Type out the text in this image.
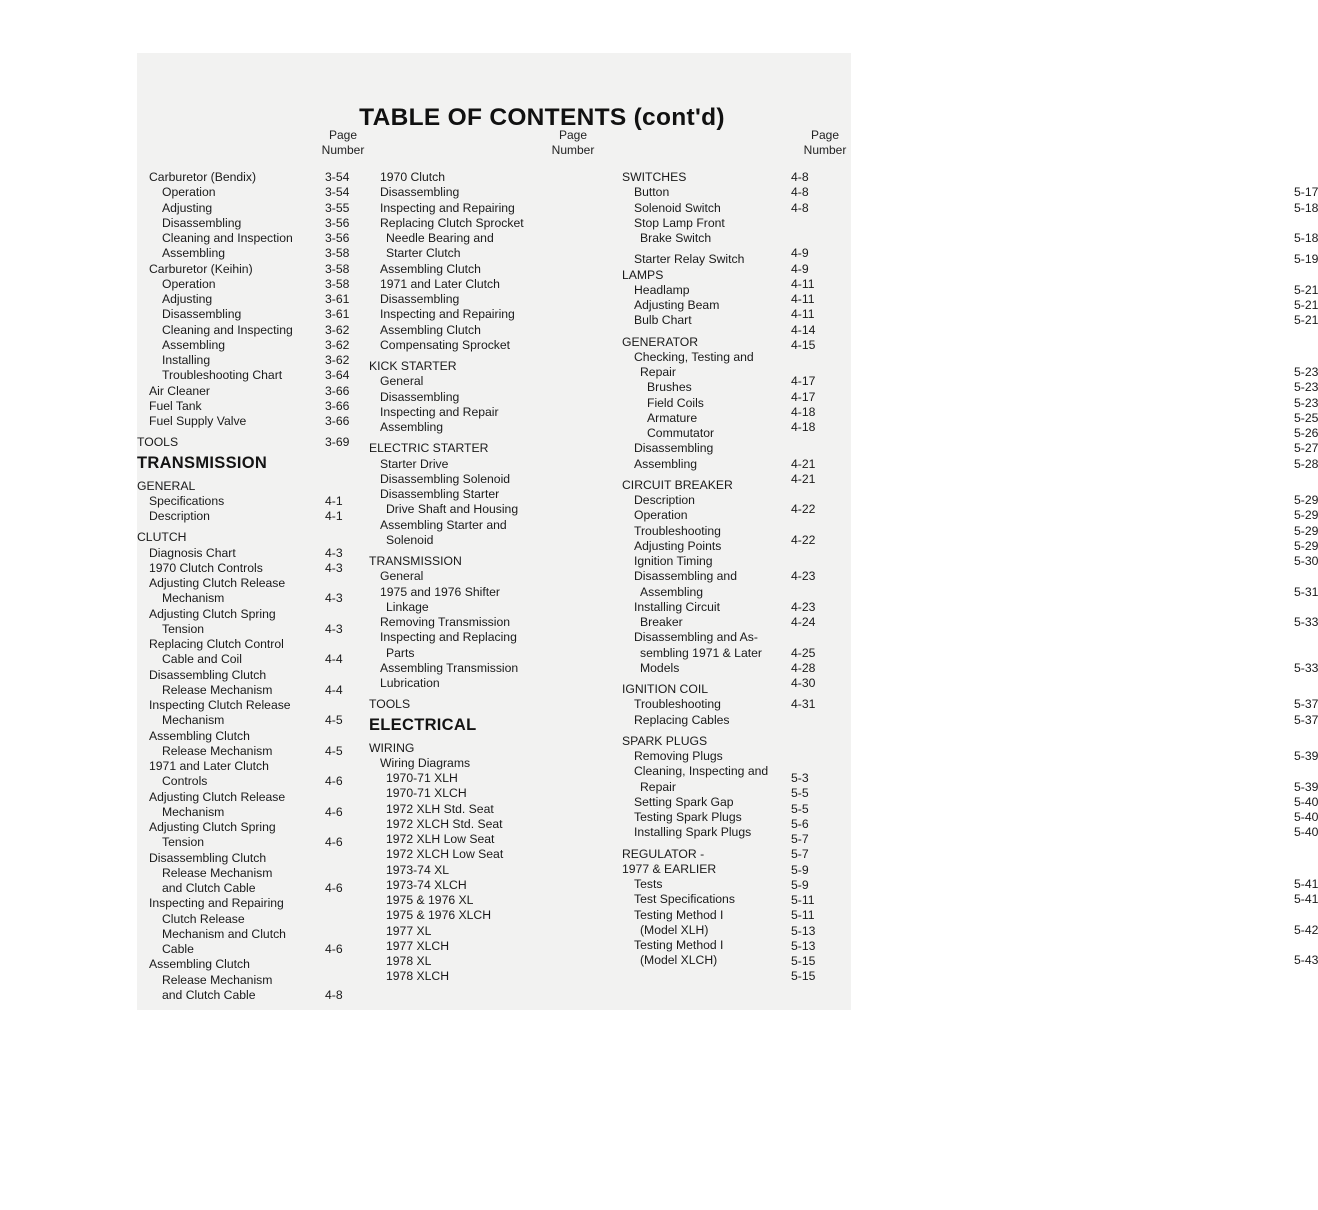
TABLE OF CONTENTS (cont'd)
Page
Number
Page
Number
Page
Number
Carburetor (Bendix)	3-54
Operation	3-54
Adjusting	3-55
Disassembling	3-56
Cleaning and Inspection	3-56
Assembling	3-58
Carburetor (Keihin)	3-58
Operation	3-58
Adjusting	3-61
Disassembling	3-61
Cleaning and Inspecting	3-62
Assembling	3-62
Installing	3-62
Troubleshooting Chart	3-64
Air Cleaner	3-66
Fuel Tank	3-66
Fuel Supply Valve	3-66
TOOLS	3-69
TRANSMISSION
GENERAL
Specifications	4-1
Description	4-1
CLUTCH
Diagnosis Chart	4-3
1970 Clutch Controls	4-3
Adjusting Clutch Release
Mechanism	4-3
Adjusting Clutch Spring
Tension	4-3
Replacing Clutch Control
Cable and Coil	4-4
Disassembling Clutch
Release Mechanism	4-4
Inspecting Clutch Release
Mechanism	4-5
Assembling Clutch
Release Mechanism	4-5
1971 and Later Clutch
Controls	4-6
Adjusting Clutch Release
Mechanism	4-6
Adjusting Clutch Spring
Tension	4-6
Disassembling Clutch
Release Mechanism
and Clutch Cable	4-6
Inspecting and Repairing
Clutch Release
Mechanism and Clutch
Cable	4-6
Assembling Clutch
Release Mechanism
and Clutch Cable	4-8
1970 Clutch	4-8
Disassembling	4-8
Inspecting and Repairing	4-8
Replacing Clutch Sprocket
Needle Bearing and
Starter Clutch	4-9
Assembling Clutch	4-9
1971 and Later Clutch	4-11
Disassembling	4-11
Inspecting and Repairing	4-11
Assembling Clutch	4-14
Compensating Sprocket	4-15
KICK STARTER
General	4-17
Disassembling	4-17
Inspecting and Repair	4-18
Assembling	4-18
ELECTRIC STARTER
Starter Drive	4-21
Disassembling Solenoid	4-21
Disassembling Starter
Drive Shaft and Housing	4-22
Assembling Starter and
Solenoid	4-22
TRANSMISSION
General	4-23
1975 and 1976 Shifter
Linkage	4-23
Removing Transmission	4-24
Inspecting and Replacing
Parts	4-25
Assembling Transmission	4-28
Lubrication	4-30
TOOLS	4-31
ELECTRICAL
WIRING
Wiring Diagrams
1970-71 XLH	5-3
1970-71 XLCH	5-5
1972 XLH Std. Seat	5-5
1972 XLCH Std. Seat	5-6
1972 XLH Low Seat	5-7
1972 XLCH Low Seat	5-7
1973-74 XL	5-9
1973-74 XLCH	5-9
1975 & 1976 XL	5-11
1975 & 1976 XLCH	5-11
1977 XL	5-13
1977 XLCH	5-13
1978 XL	5-15
1978 XLCH	5-15
SWITCHES
Button	5-17
Solenoid Switch	5-18
Stop Lamp Front
Brake Switch	5-18
Starter Relay Switch	5-19
LAMPS
Headlamp	5-21
Adjusting Beam	5-21
Bulb Chart	5-21
GENERATOR
Checking, Testing and
Repair	5-23
Brushes	5-23
Field Coils	5-23
Armature	5-25
Commutator	5-26
Disassembling	5-27
Assembling	5-28
CIRCUIT BREAKER
Description	5-29
Operation	5-29
Troubleshooting	5-29
Adjusting Points	5-29
Ignition Timing	5-30
Disassembling and
Assembling	5-31
Installing Circuit
Breaker	5-33
Disassembling and As-
sembling 1971 & Later
Models	5-33
IGNITION COIL
Troubleshooting	5-37
Replacing Cables	5-37
SPARK PLUGS
Removing Plugs	5-39
Cleaning, Inspecting and
Repair	5-39
Setting Spark Gap	5-40
Testing Spark Plugs	5-40
Installing Spark Plugs	5-40
REGULATOR -
1977 & EARLIER
Tests	5-41
Test Specifications	5-41
Testing Method I
(Model XLH)	5-42
Testing Method I
(Model XLCH)	5-43
